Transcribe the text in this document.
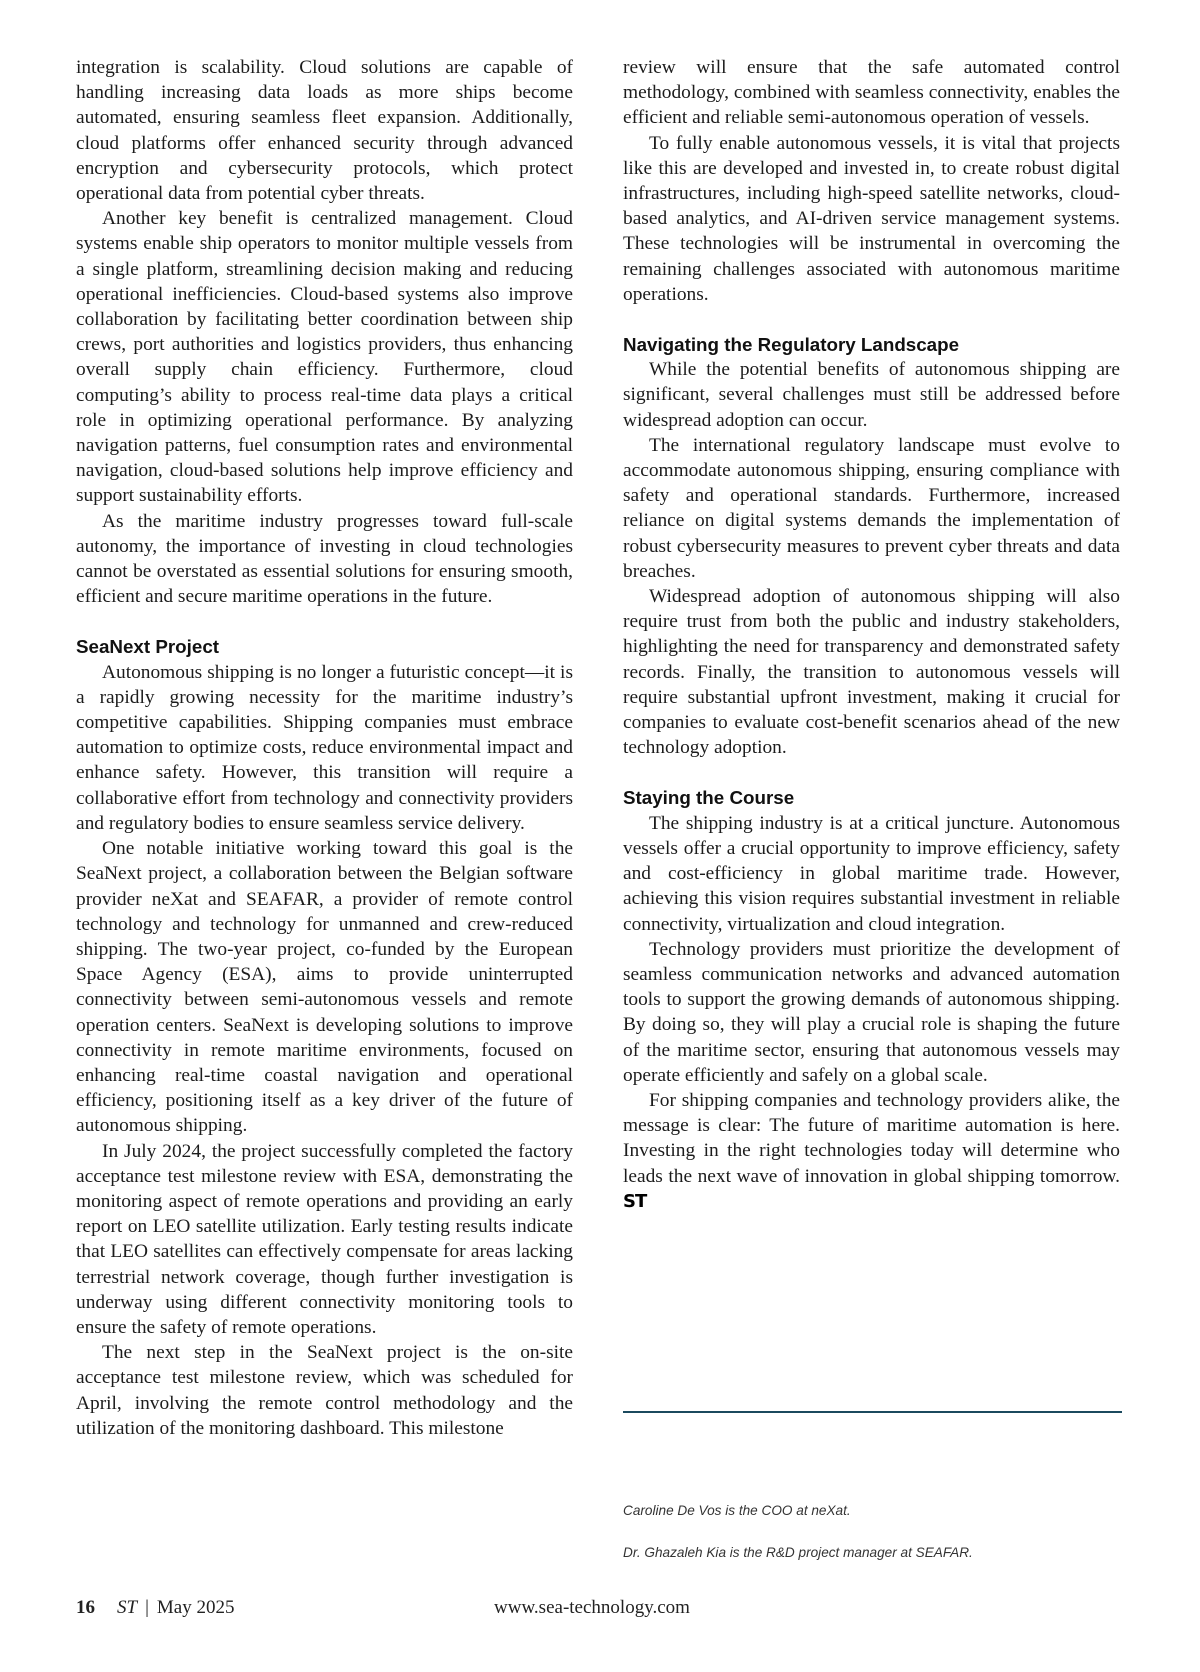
integration is scalability. Cloud solutions are capable of handling increasing data loads as more ships become automated, ensuring seamless fleet expansion. Additionally, cloud platforms offer enhanced security through advanced encryption and cybersecurity protocols, which protect operational data from potential cyber threats.

Another key benefit is centralized management. Cloud systems enable ship operators to monitor multiple vessels from a single platform, streamlining decision making and reducing operational inefficiencies. Cloud-based systems also improve collaboration by facilitating better coordination between ship crews, port authorities and logistics providers, thus enhancing overall supply chain efficiency. Furthermore, cloud computing’s ability to process real-time data plays a critical role in optimizing operational performance. By analyzing navigation patterns, fuel consumption rates and environmental navigation, cloud-based solutions help improve efficiency and support sustainability efforts.

As the maritime industry progresses toward full-scale autonomy, the importance of investing in cloud technologies cannot be overstated as essential solutions for ensuring smooth, efficient and secure maritime operations in the future.

SeaNext Project

Autonomous shipping is no longer a futuristic concept—it is a rapidly growing necessity for the maritime industry’s competitive capabilities. Shipping companies must embrace automation to optimize costs, reduce environmental impact and enhance safety. However, this transition will require a collaborative effort from technology and connectivity providers and regulatory bodies to ensure seamless service delivery.

One notable initiative working toward this goal is the SeaNext project, a collaboration between the Belgian software provider neXat and SEAFAR, a provider of remote control technology and technology for unmanned and crew-reduced shipping. The two-year project, co-funded by the European Space Agency (ESA), aims to provide uninterrupted connectivity between semi-autonomous vessels and remote operation centers. SeaNext is developing solutions to improve connectivity in remote maritime environments, focused on enhancing real-time coastal navigation and operational efficiency, positioning itself as a key driver of the future of autonomous shipping.

In July 2024, the project successfully completed the factory acceptance test milestone review with ESA, demonstrating the monitoring aspect of remote operations and providing an early report on LEO satellite utilization. Early testing results indicate that LEO satellites can effectively compensate for areas lacking terrestrial network coverage, though further investigation is underway using different connectivity monitoring tools to ensure the safety of remote operations.

The next step in the SeaNext project is the on-site acceptance test milestone review, which was scheduled for April, involving the remote control methodology and the utilization of the monitoring dashboard. This milestone

review will ensure that the safe automated control methodology, combined with seamless connectivity, enables the efficient and reliable semi-autonomous operation of vessels.

To fully enable autonomous vessels, it is vital that projects like this are developed and invested in, to create robust digital infrastructures, including high-speed satellite networks, cloud-based analytics, and AI-driven service management systems. These technologies will be instrumental in overcoming the remaining challenges associated with autonomous maritime operations.

Navigating the Regulatory Landscape

While the potential benefits of autonomous shipping are significant, several challenges must still be addressed before widespread adoption can occur.

The international regulatory landscape must evolve to accommodate autonomous shipping, ensuring compliance with safety and operational standards. Furthermore, increased reliance on digital systems demands the implementation of robust cybersecurity measures to prevent cyber threats and data breaches.

Widespread adoption of autonomous shipping will also require trust from both the public and industry stakeholders, highlighting the need for transparency and demonstrated safety records. Finally, the transition to autonomous vessels will require substantial upfront investment, making it crucial for companies to evaluate cost-benefit scenarios ahead of the new technology adoption.

Staying the Course

The shipping industry is at a critical juncture. Autonomous vessels offer a crucial opportunity to improve efficiency, safety and cost-efficiency in global maritime trade. However, achieving this vision requires substantial investment in reliable connectivity, virtualization and cloud integration.

Technology providers must prioritize the development of seamless communication networks and advanced automation tools to support the growing demands of autonomous shipping. By doing so, they will play a crucial role is shaping the future of the maritime sector, ensuring that autonomous vessels may operate efficiently and safely on a global scale.

For shipping companies and technology providers alike, the message is clear: The future of maritime automation is here. Investing in the right technologies today will determine who leads the next wave of innovation in global shipping tomorrow. ST

Caroline De Vos is the COO at neXat.

Dr. Ghazaleh Kia is the R&D project manager at SEAFAR.

16 ST | May 2025	www.sea-technology.com
